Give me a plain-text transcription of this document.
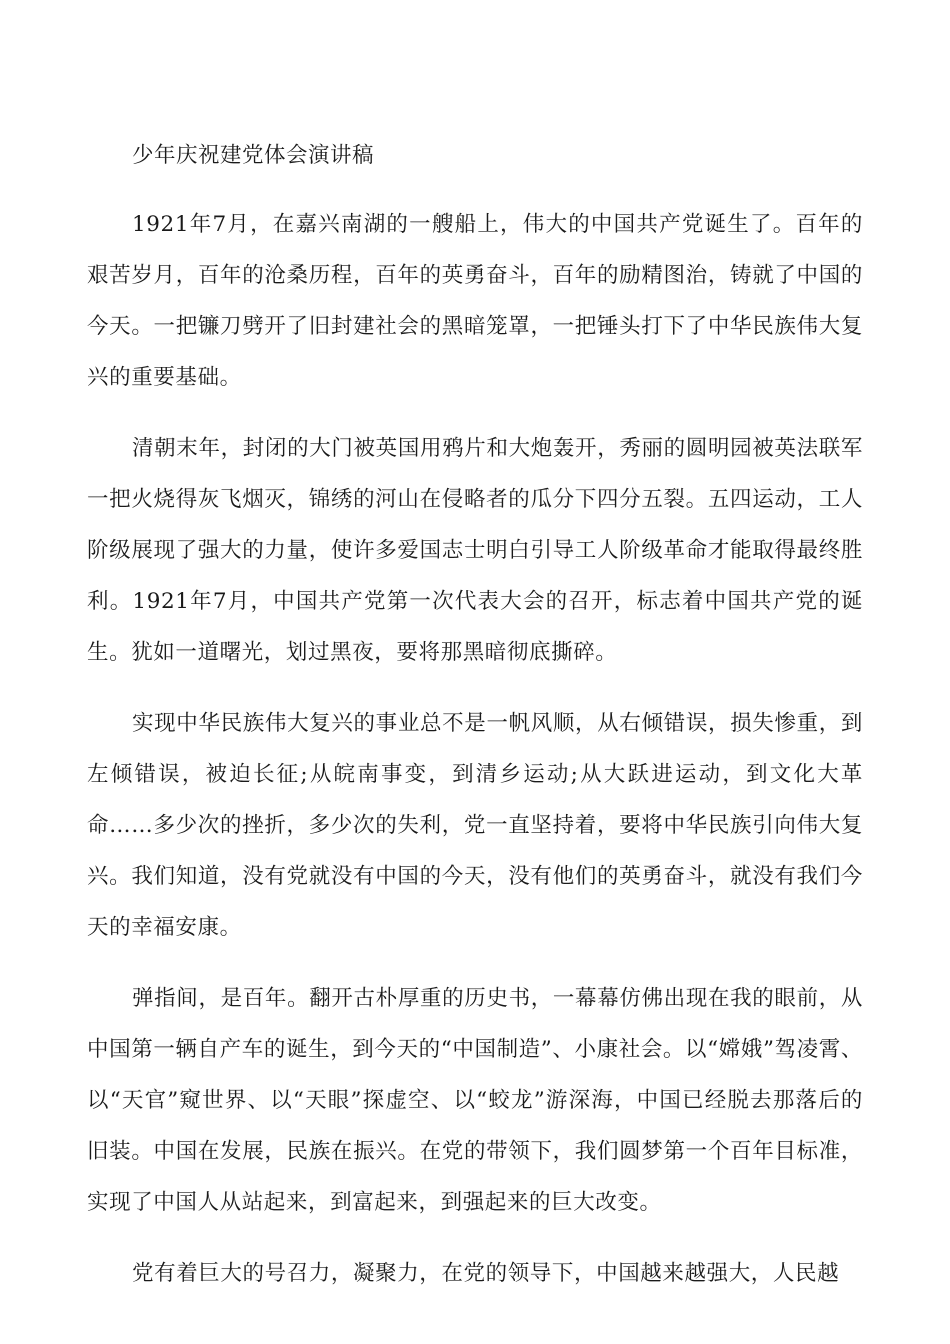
少年庆祝建党体会演讲稿

1921年7月，在嘉兴南湖的一艘船上，伟大的中国共产党诞生了。百年的艰苦岁月，百年的沧桑历程，百年的英勇奋斗，百年的励精图治，铸就了中国的今天。一把镰刀劈开了旧封建社会的黑暗笼罩，一把锤头打下了中华民族伟大复兴的重要基础。

清朝末年，封闭的大门被英国用鸦片和大炮轰开，秀丽的圆明园被英法联军一把火烧得灰飞烟灭，锦绣的河山在侵略者的瓜分下四分五裂。五四运动，工人阶级展现了强大的力量，使许多爱国志士明白引导工人阶级革命才能取得最终胜利。1921年7月，中国共产党第一次代表大会的召开，标志着中国共产党的诞生。犹如一道曙光，划过黑夜，要将那黑暗彻底撕碎。

实现中华民族伟大复兴的事业总不是一帆风顺，从右倾错误，损失惨重，到左倾错误，被迫长征;从皖南事变，到清乡运动;从大跃进运动，到文化大革命……多少次的挫折，多少次的失利，党一直坚持着，要将中华民族引向伟大复兴。我们知道，没有党就没有中国的今天，没有他们的英勇奋斗，就没有我们今天的幸福安康。

弹指间，是百年。翻开古朴厚重的历史书，一幕幕仿佛出现在我的眼前，从中国第一辆自产车的诞生，到今天的“中国制造”、小康社会。以“嫦娥”驾凌霄、以“天官”窥世界、以“天眼”探虚空、以“蛟龙”游深海，中国已经脱去那落后的旧装。中国在发展，民族在振兴。在党的带领下，我们圆梦第一个百年目标准，实现了中国人从站起来，到富起来，到强起来的巨大改变。

党有着巨大的号召力，凝聚力，在党的领导下，中国越来越强大，人民越
